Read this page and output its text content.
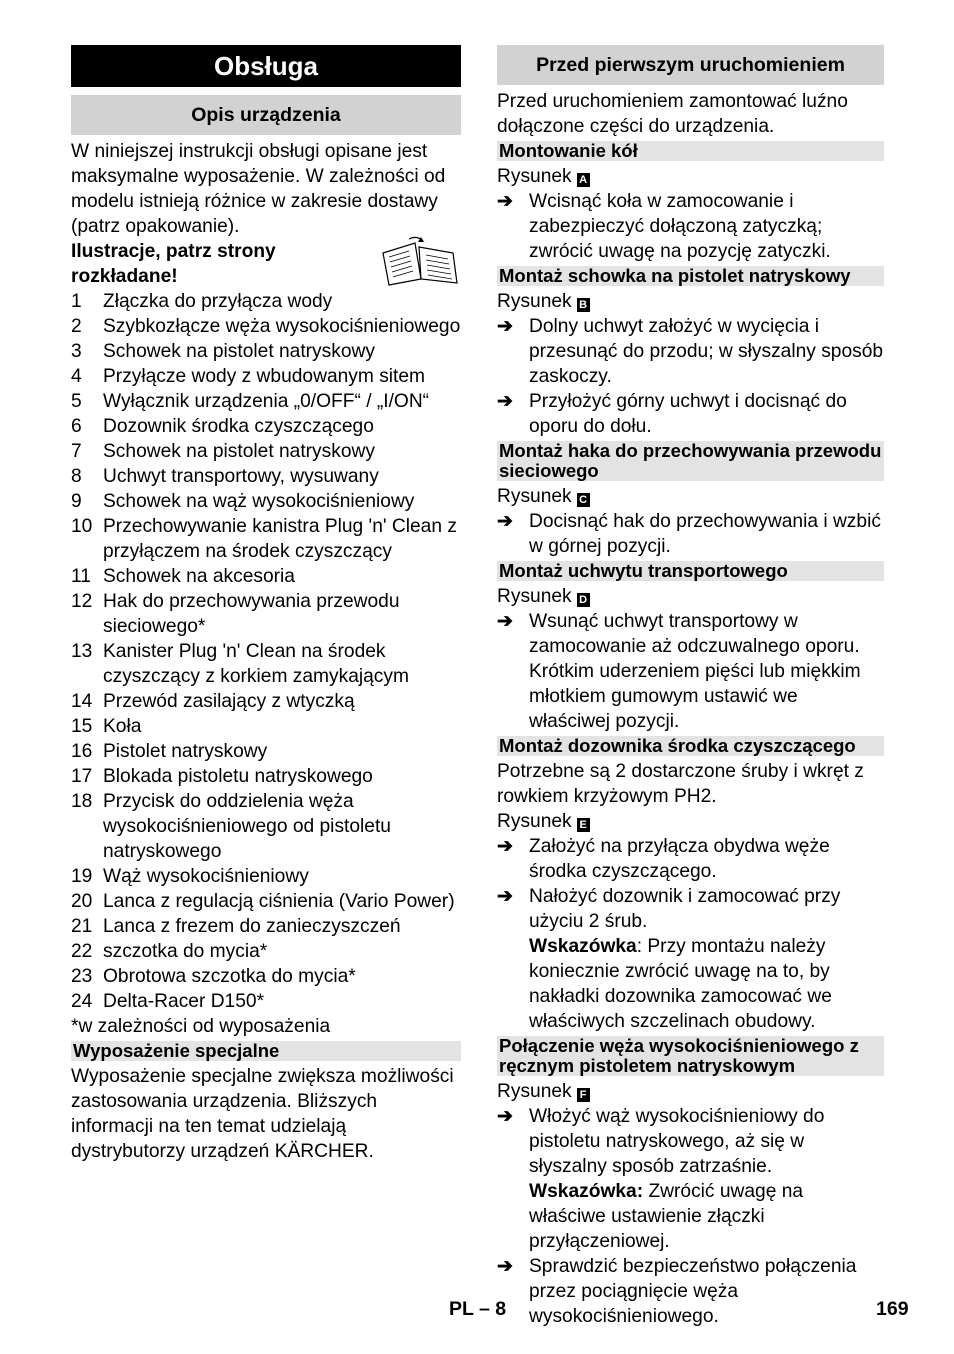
Obsługa
Opis urządzenia
W niniejszej instrukcji obsługi opisane jest maksymalne wyposażenie. W zależności od modelu istnieją różnice w zakresie dostawy (patrz opakowanie).
Ilustracje, patrz strony rozkładane!
1	Złączka do przyłącza wody
2	Szybkozłącze węża wysokociśnieniowego
3	Schowek na pistolet natryskowy
4	Przyłącze wody z wbudowanym sitem
5	Wyłącznik urządzenia „0/OFF“ / „I/ON“
6	Dozownik środka czyszczącego
7	Schowek na pistolet natryskowy
8	Uchwyt transportowy, wysuwany
9	Schowek na wąż wysokociśnieniowy
10 Przechowywanie kanistra Plug 'n' Clean z przyłączem na środek czyszczący
11 Schowek na akcesoria
12 Hak do przechowywania przewodu sieciowego*
13 Kanister Plug 'n' Clean na środek czyszczący z korkiem zamykającym
14 Przewód zasilający z wtyczką
15 Koła
16 Pistolet natryskowy
17 Blokada pistoletu natryskowego
18 Przycisk do oddzielenia węża wysokociśnieniowego od pistoletu natryskowego
19 Wąż wysokociśnieniowy
20 Lanca z regulacją ciśnienia (Vario Power)
21 Lanca z frezem do zanieczyszczeń
22 szczotka do mycia*
23 Obrotowa szczotka do mycia*
24 Delta-Racer D150*
*w zależności od wyposażenia
Wyposażenie specjalne
Wyposażenie specjalne zwiększa możliwości zastosowania urządzenia. Bliższych informacji na ten temat udzielają dystrybutorzy urządzeń KÄRCHER.
Przed pierwszym uruchomieniem
Przed uruchomieniem zamontować luźno dołączone części do urządzenia.
Montowanie kół
Rysunek A
➔ Wcisnąć koła w zamocowanie i zabezpieczyć dołączoną zatyczką; zwrócić uwagę na pozycję zatyczki.
Montaż schowka na pistolet natryskowy
Rysunek B
➔ Dolny uchwyt założyć w wycięcia i przesunąć do przodu; w słyszalny sposób zaskoczy.
➔ Przyłożyć górny uchwyt i docisnąć do oporu do dołu.
Montaż haka do przechowywania przewodu sieciowego
Rysunek C
➔ Docisnąć hak do przechowywania i wzbić w górnej pozycji.
Montaż uchwytu transportowego
Rysunek D
➔ Wsunąć uchwyt transportowy w zamocowanie aż odczuwalnego oporu. Krótkim uderzeniem pięści lub miękkim młotkiem gumowym ustawić we właściwej pozycji.
Montaż dozownika środka czyszczącego
Potrzebne są 2 dostarczone śruby i wkręt z rowkiem krzyżowym PH2.
Rysunek E
➔ Założyć na przyłącza obydwa węże środka czyszczącego.
➔ Nałożyć dozownik i zamocować przy użyciu 2 śrub.
Wskazówka: Przy montażu należy koniecznie zwrócić uwagę na to, by nakładki dozownika zamocować we właściwych szczelinach obudowy.
Połączenie węża wysokociśnieniowego z ręcznym pistoletem natryskowym
Rysunek F
➔ Włożyć wąż wysokociśnieniowy do pistoletu natryskowego, aż się w słyszalny sposób zatrzaśnie.
Wskazówka: Zwrócić uwagę na właściwe ustawienie złączki przyłączeniowej.
➔ Sprawdzić bezpieczeństwo połączenia przez pociągnięcie węża wysokociśnieniowego.
PL – 8	169
